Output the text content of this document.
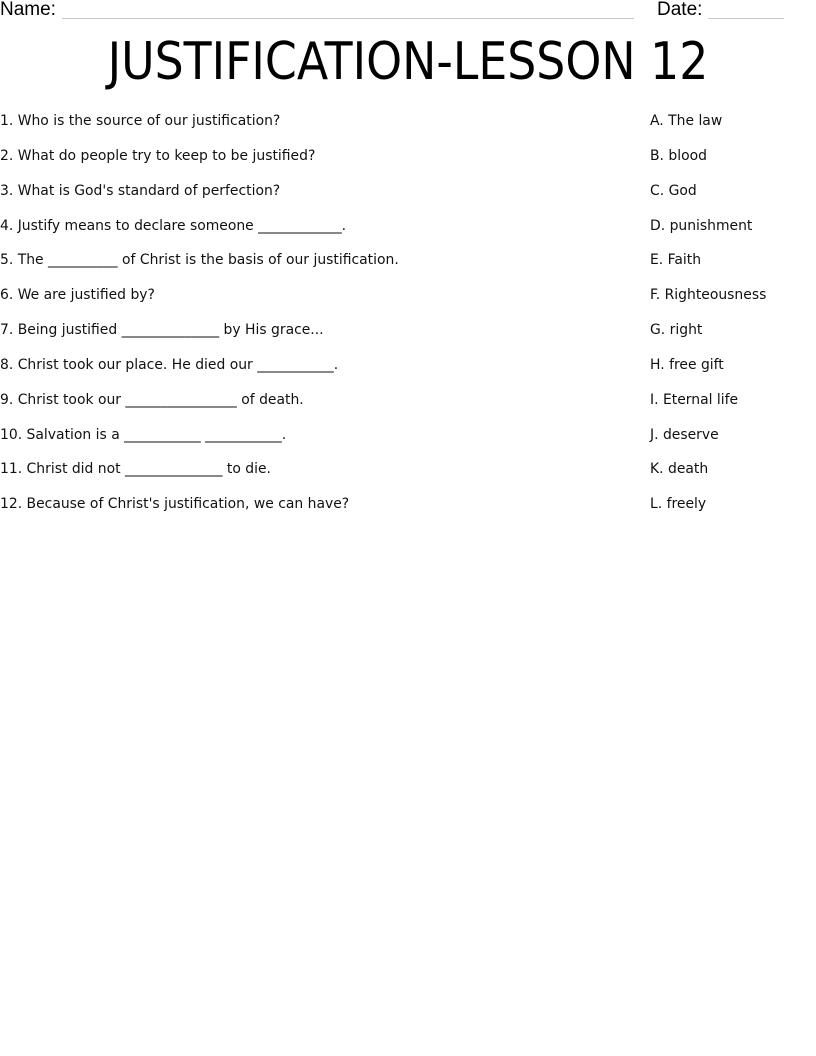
Name:	Date:
JUSTIFICATION-LESSON 12
1. Who is the source of our justification?
2. What do people try to keep to be justified?
3. What is God's standard of perfection?
4. Justify means to declare someone ____________.
5. The __________ of Christ is the basis of our justification.
6. We are justified by?
7. Being justified ______________ by His grace...
8. Christ took our place. He died our ___________.
9. Christ took our ________________ of death.
10. Salvation is a ___________ ___________.
11. Christ did not ______________ to die.
12. Because of Christ's justification, we can have?
A. The law
B. blood
C. God
D. punishment
E. Faith
F. Righteousness
G. right
H. free gift
I. Eternal life
J. deserve
K. death
L. freely
